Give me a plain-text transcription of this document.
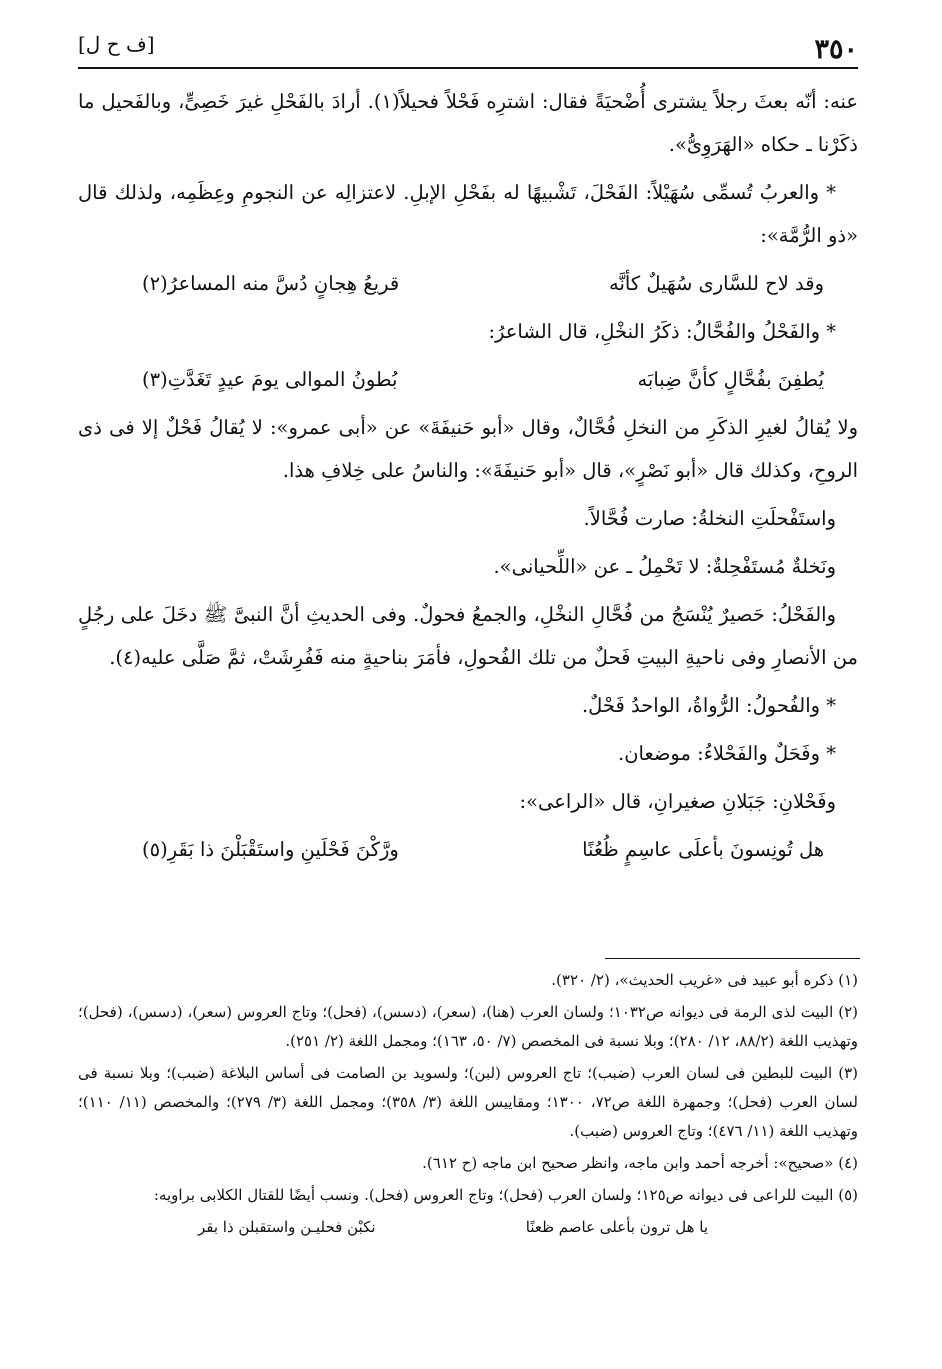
٣٥٠
[ف ح ل]

عنه: أنّه بعثَ رجلاً يشترى أُضْحيَةً فقال: اشترِه فَحْلاً فحيلاً(١). أرادَ بالفَحْلِ غيرَ خَصِىٍّ، وبالفَحيل ما ذكَرْنا ـ حكاه «الهَرَوِىُّ».

* والعربُ تُسمِّى سُهَيْلاً: الفَحْلَ، تَشْبيهًا له بفَحْلِ الإبلِ. لاعتزالِه عن النجومِ وعِظَمِه، ولذلك قال «ذو الرُّمَّة»:

وقد لاح للسَّارى سُهَيلٌ كأنَّه
قريعُ هِجانٍ دُسَّ منه المساعرُ(٢)

* والفَحْلُ والفُحَّالُ: ذكَرُ النخْلِ، قال الشاعرُ:

يُطفِنَ بفُحَّالٍ كأنَّ ضِبابَه
بُطونُ الموالى يومَ عيدٍ تَغَدَّتِ(٣)

ولا يُقالُ لغيرِ الذكَرِ من النخلِ فُحَّالٌ، وقال «أبو حَنيفَةَ» عن «أبى عمرو»: لا يُقالُ فَحْلٌ إلا فى ذى الروحِ، وكذلك قال «أبو نَصْرٍ»، قال «أبو حَنيفَةَ»: والناسُ على خِلافِ هذا.

واستَفْحلَتِ النخلةُ: صارت فُحَّالاً.

ونَخلةٌ مُستَفْحِلةٌ: لا تَحْمِلُ ـ عن «اللِّحيانى».

والفَحْلُ: حَصيرٌ يُنْسَجُ من فُحَّالِ النخْلِ، والجمعُ فحولٌ. وفى الحديثِ أنَّ النبىَّ ﷺ دخَلَ على رجُلٍ من الأنصارِ وفى ناحيةِ البيتِ فَحلٌ من تلك الفُحولِ، فأمَرَ بناحيةٍ منه فَفُرِشَتْ، ثمَّ صَلَّى عليه(٤).

* والفُحولُ: الرُّواةُ، الواحدُ فَحْلٌ.

* وفَحَلٌ والفَحْلاءُ: موضعان.

وفَحْلانِ: جَبَلانِ صغيرانِ، قال «الراعى»:

هل تُونِسونَ بأعلَى عاسِمٍ ظُعُنًا
ورَّكْنَ فَحْلَينِ واستَقْبَلْنَ ذا بَقَرِ(٥)

(١) ذكره أبو عبيد فى «غريب الحديث»، (٢/ ٣٢٠).

(٢) البيت لذى الرمة فى ديوانه ص١٠٣٢؛ ولسان العرب (هنا)، (سعر)، (دسس)، (فحل)؛ وتاج العروس (سعر)، (دسس)، (فحل)؛ وتهذيب اللغة (٨٨/٢، ١٢/ ٢٨٠)؛ وبلا نسبة فى المخصص (٧/ ٥٠، ١٦٣)؛ ومجمل اللغة (٢/ ٢٥١).

(٣) البيت للبطين فى لسان العرب (ضبب)؛ تاج العروس (لبن)؛ ولسويد بن الصامت فى أساس البلاغة (ضبب)؛ وبلا نسبة فى لسان العرب (فحل)؛ وجمهرة اللغة ص٧٢، ١٣٠٠؛ ومقاييس اللغة (٣/ ٣٥٨)؛ ومجمل اللغة (٣/ ٢٧٩)؛ والمخصص (١١/ ١١٠)؛ وتهذيب اللغة (١١/ ٤٧٦)؛ وتاج العروس (ضبب).

(٤) «صحيح»: أخرجه أحمد وابن ماجه، وانظر صحيح ابن ماجه (ح ٦١٢).

(٥) البيت للراعى فى ديوانه ص١٢٥؛ ولسان العرب (فحل)؛ وتاج العروس (فحل). ونسب أيضًا للقتال الكلابى براويه:

يا هل ترون بأعلى عاصم ظعنًا
نكبْن فحليـن واستقبلن ذا بقر
